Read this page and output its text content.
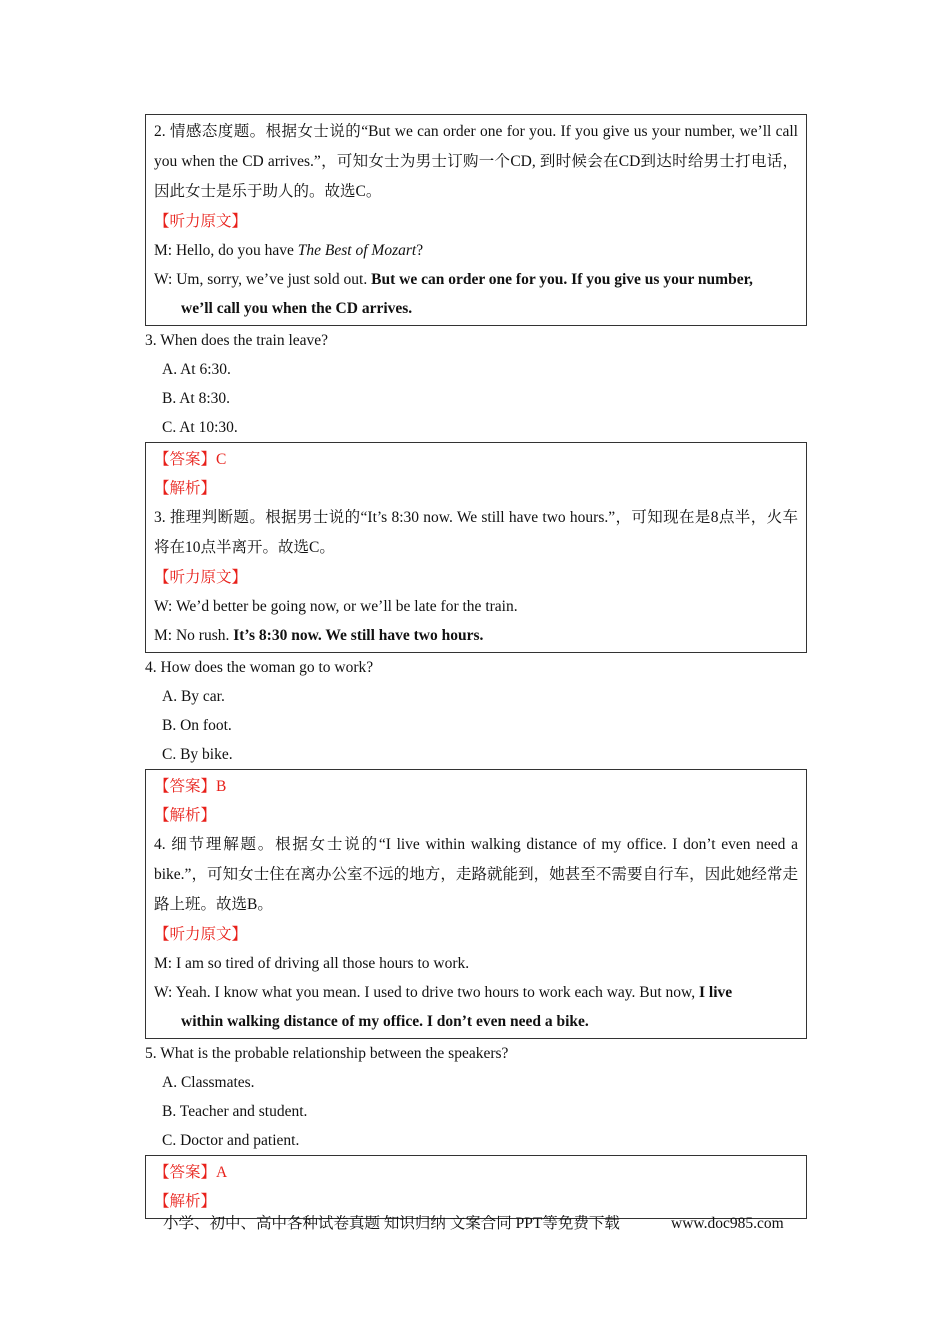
2. 情感态度题。根据女士说的“But we can order one for you. If you give us your number, we’ll call you when the CD arrives.”，可知女士为男士订购一个CD, 到时候会在CD到达时给男士打电话，因此女士是乐于助人的。故选C。

【听力原文】

M: Hello, do you have The Best of Mozart?

W: Um, sorry, we’ve just sold out. But we can order one for you. If you give us your number,

we’ll call you when the CD arrives.

3. When does the train leave?

A. At 6:30.

B. At 8:30.

C. At 10:30.

【答案】C

【解析】

3. 推理判断题。根据男士说的“It’s 8:30 now. We still have two hours.”，可知现在是8点半，火车将在10点半离开。故选C。

【听力原文】

W: We’d better be going now, or we’ll be late for the train.

M: No rush. It’s 8:30 now. We still have two hours.

4. How does the woman go to work?

A. By car.

B. On foot.

C. By bike.

【答案】B

【解析】

4. 细节理解题。根据女士说的“I live within walking distance of my office. I don’t even need a bike.”，可知女士住在离办公室不远的地方，走路就能到，她甚至不需要自行车，因此她经常走路上班。故选B。

【听力原文】

M: I am so tired of driving all those hours to work.

W: Yeah. I know what you mean. I used to drive two hours to work each way. But now, I live

within walking distance of my office. I don’t even need a bike.

5. What is the probable relationship between the speakers?

A. Classmates.

B. Teacher and student.

C. Doctor and patient.

【答案】A

【解析】

小学、初中、高中各种试卷真题 知识归纳 文案合同 PPT等免费下载	www.doc985.com
